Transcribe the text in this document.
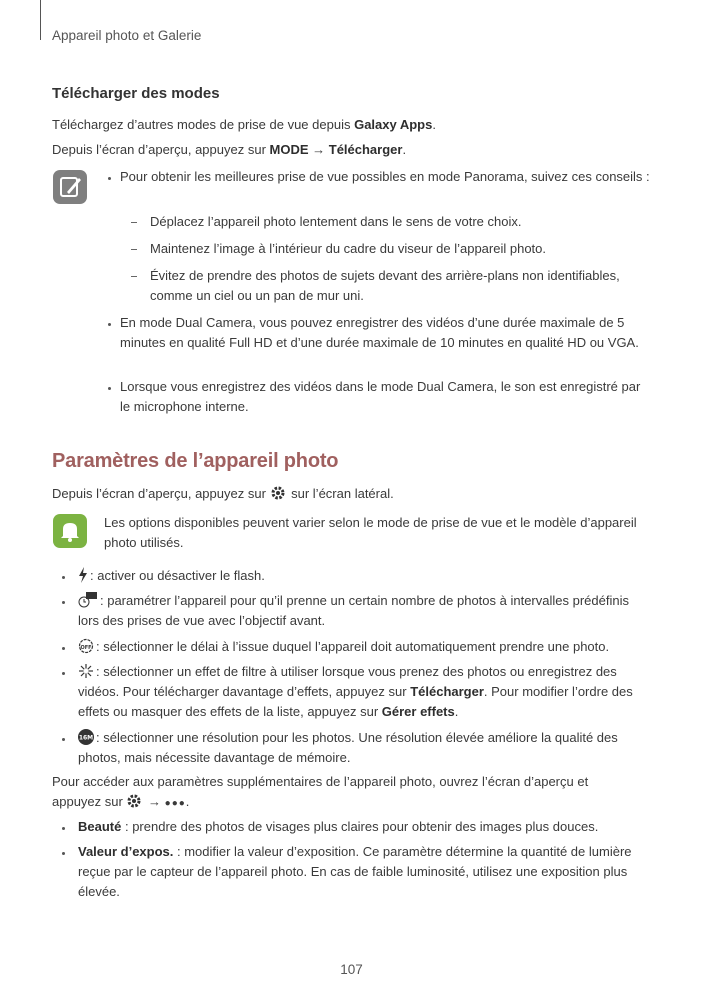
Appareil photo et Galerie
Télécharger des modes
Téléchargez d’autres modes de prise de vue depuis Galaxy Apps.
Depuis l’écran d’aperçu, appuyez sur MODE → Télécharger.
Pour obtenir les meilleures prise de vue possibles en mode Panorama, suivez ces conseils :
Déplacez l’appareil photo lentement dans le sens de votre choix.
Maintenez l’image à l’intérieur du cadre du viseur de l’appareil photo.
Évitez de prendre des photos de sujets devant des arrière-plans non identifiables, comme un ciel ou un pan de mur uni.
En mode Dual Camera, vous pouvez enregistrer des vidéos d’une durée maximale de 5 minutes en qualité Full HD et d’une durée maximale de 10 minutes en qualité HD ou VGA.
Lorsque vous enregistrez des vidéos dans le mode Dual Camera, le son est enregistré par le microphone interne.
Paramètres de l’appareil photo
Depuis l’écran d’aperçu, appuyez sur  sur l’écran latéral.
Les options disponibles peuvent varier selon le mode de prise de vue et le modèle d’appareil photo utilisés.
: activer ou désactiver le flash.
: paramétrer l’appareil pour qu’il prenne un certain nombre de photos à intervalles prédéfinis lors des prises de vue avec l’objectif avant.
OFF : sélectionner le délai à l’issue duquel l’appareil doit automatiquement prendre une photo.
: sélectionner un effet de filtre à utiliser lorsque vous prenez des photos ou enregistrez des vidéos. Pour télécharger davantage d’effets, appuyez sur Télécharger. Pour modifier l’ordre des effets ou masquer des effets de la liste, appuyez sur Gérer effets.
16M : sélectionner une résolution pour les photos. Une résolution élevée améliore la qualité des photos, mais nécessite davantage de mémoire.
Pour accéder aux paramètres supplémentaires de l’appareil photo, ouvrez l’écran d’aperçu et appuyez sur  → ●●●.
Beauté : prendre des photos de visages plus claires pour obtenir des images plus douces.
Valeur d’expos. : modifier la valeur d’exposition. Ce paramètre détermine la quantité de lumière reçue par le capteur de l’appareil photo. En cas de faible luminosité, utilisez une exposition plus élevée.
107
